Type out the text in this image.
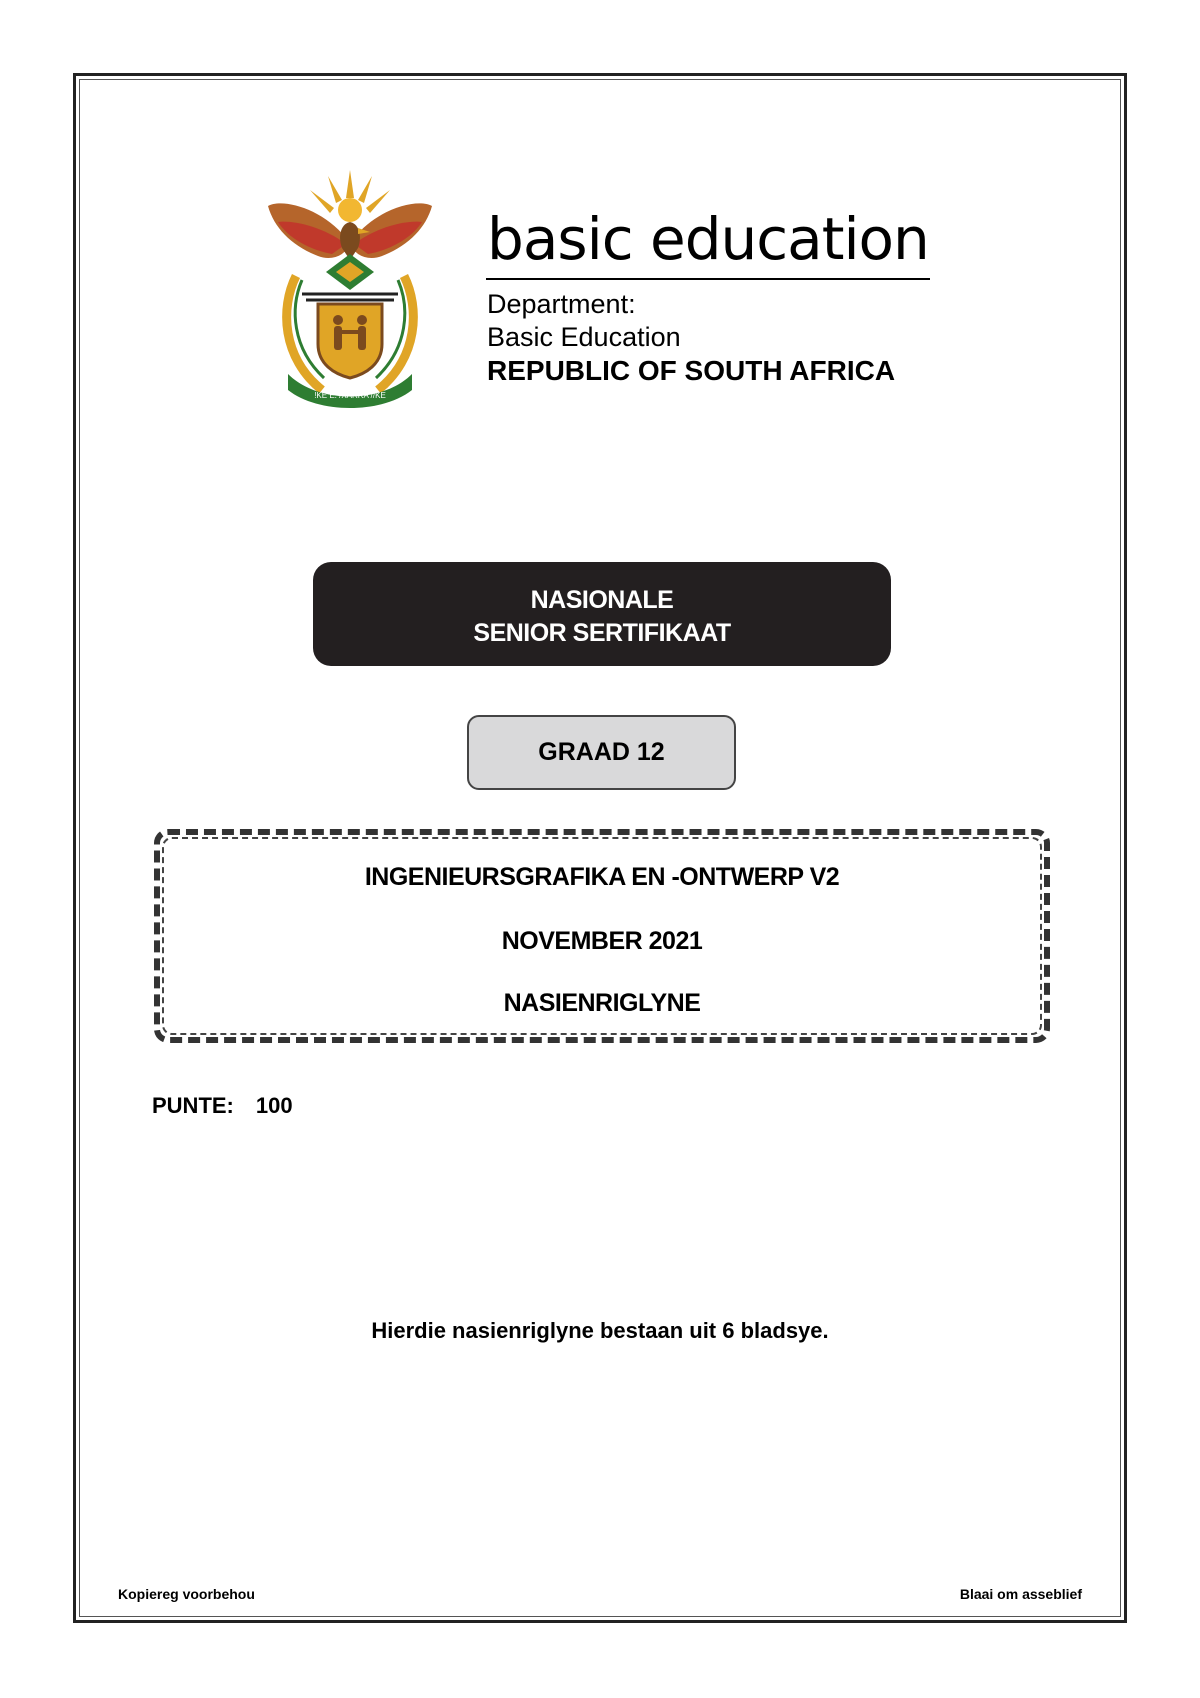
!KE E: /XARRA //KE
basic education
Department:
Basic Education
REPUBLIC OF SOUTH AFRICA
NASIONALE
SENIOR SERTIFIKAAT
GRAAD 12
INGENIEURSGRAFIKA EN -ONTWERP V2
NOVEMBER 2021
NASIENRIGLYNE
PUNTE: 100
Hierdie nasienriglyne bestaan uit 6 bladsye.
Kopiereg voorbehou	Blaai om asseblief
